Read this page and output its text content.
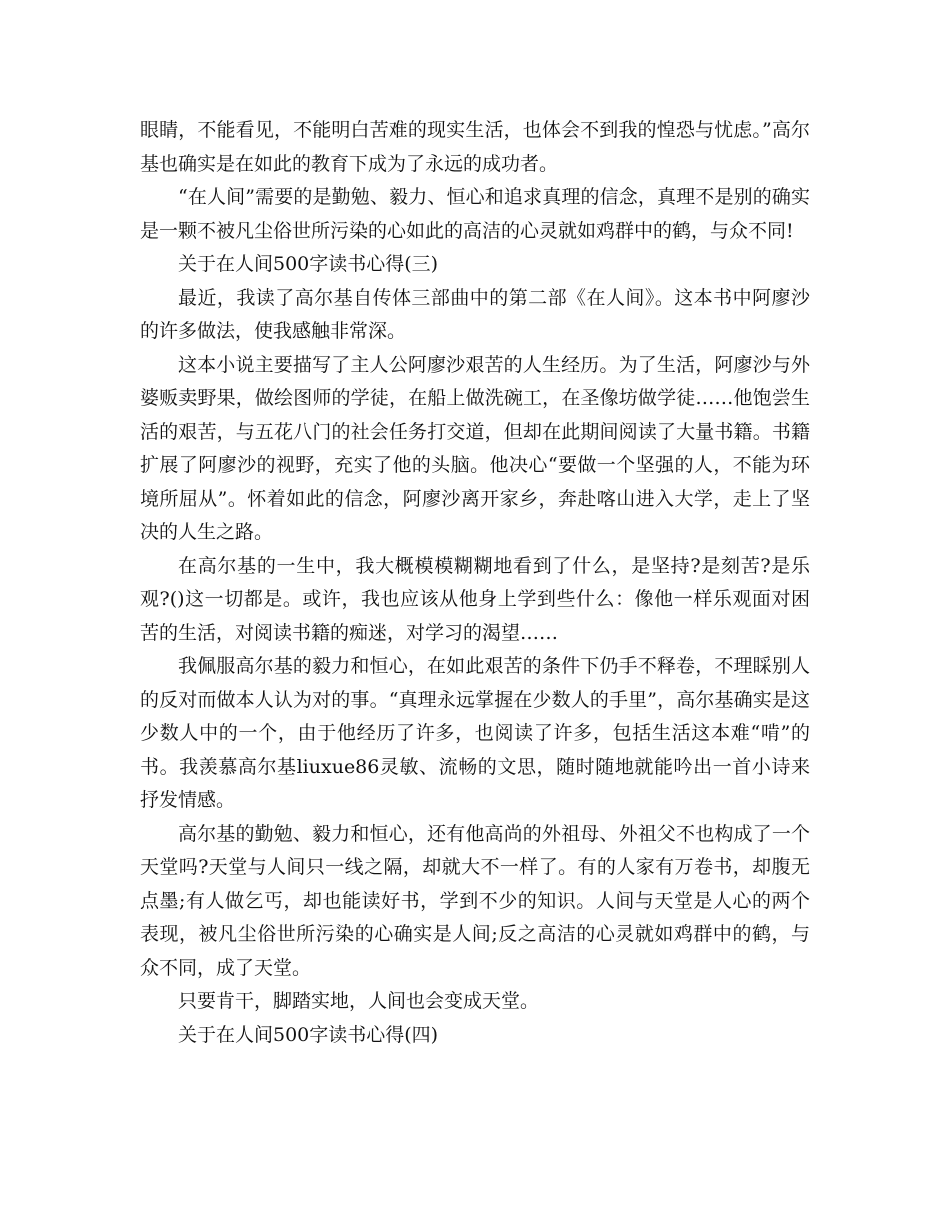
眼睛，不能看见，不能明白苦难的现实生活，也体会不到我的惶恐与忧虑。”高尔基也确实是在如此的教育下成为了永远的成功者。

“在人间”需要的是勤勉、毅力、恒心和追求真理的信念，真理不是别的确实是一颗不被凡尘俗世所污染的心如此的高洁的心灵就如鸡群中的鹤，与众不同!

关于在人间500字读书心得(三)

最近，我读了高尔基自传体三部曲中的第二部《在人间》。这本书中阿廖沙的许多做法，使我感触非常深。

这本小说主要描写了主人公阿廖沙艰苦的人生经历。为了生活，阿廖沙与外婆贩卖野果，做绘图师的学徒，在船上做洗碗工，在圣像坊做学徒……他饱尝生活的艰苦，与五花八门的社会任务打交道，但却在此期间阅读了大量书籍。书籍扩展了阿廖沙的视野，充实了他的头脑。他决心“要做一个坚强的人，不能为环境所屈从”。怀着如此的信念，阿廖沙离开家乡，奔赴喀山进入大学，走上了坚决的人生之路。

在高尔基的一生中，我大概模模糊糊地看到了什么，是坚持?是刻苦?是乐观?()这一切都是。或许，我也应该从他身上学到些什么：像他一样乐观面对困苦的生活，对阅读书籍的痴迷，对学习的渴望……

我佩服高尔基的毅力和恒心，在如此艰苦的条件下仍手不释卷，不理睬别人的反对而做本人认为对的事。“真理永远掌握在少数人的手里”，高尔基确实是这少数人中的一个，由于他经历了许多，也阅读了许多，包括生活这本难“啃”的书。我羡慕高尔基liuxue86灵敏、流畅的文思，随时随地就能吟出一首小诗来抒发情感。

高尔基的勤勉、毅力和恒心，还有他高尚的外祖母、外祖父不也构成了一个天堂吗?天堂与人间只一线之隔，却就大不一样了。有的人家有万卷书，却腹无点墨;有人做乞丐，却也能读好书，学到不少的知识。人间与天堂是人心的两个表现，被凡尘俗世所污染的心确实是人间;反之高洁的心灵就如鸡群中的鹤，与众不同，成了天堂。

只要肯干，脚踏实地，人间也会变成天堂。

关于在人间500字读书心得(四)
